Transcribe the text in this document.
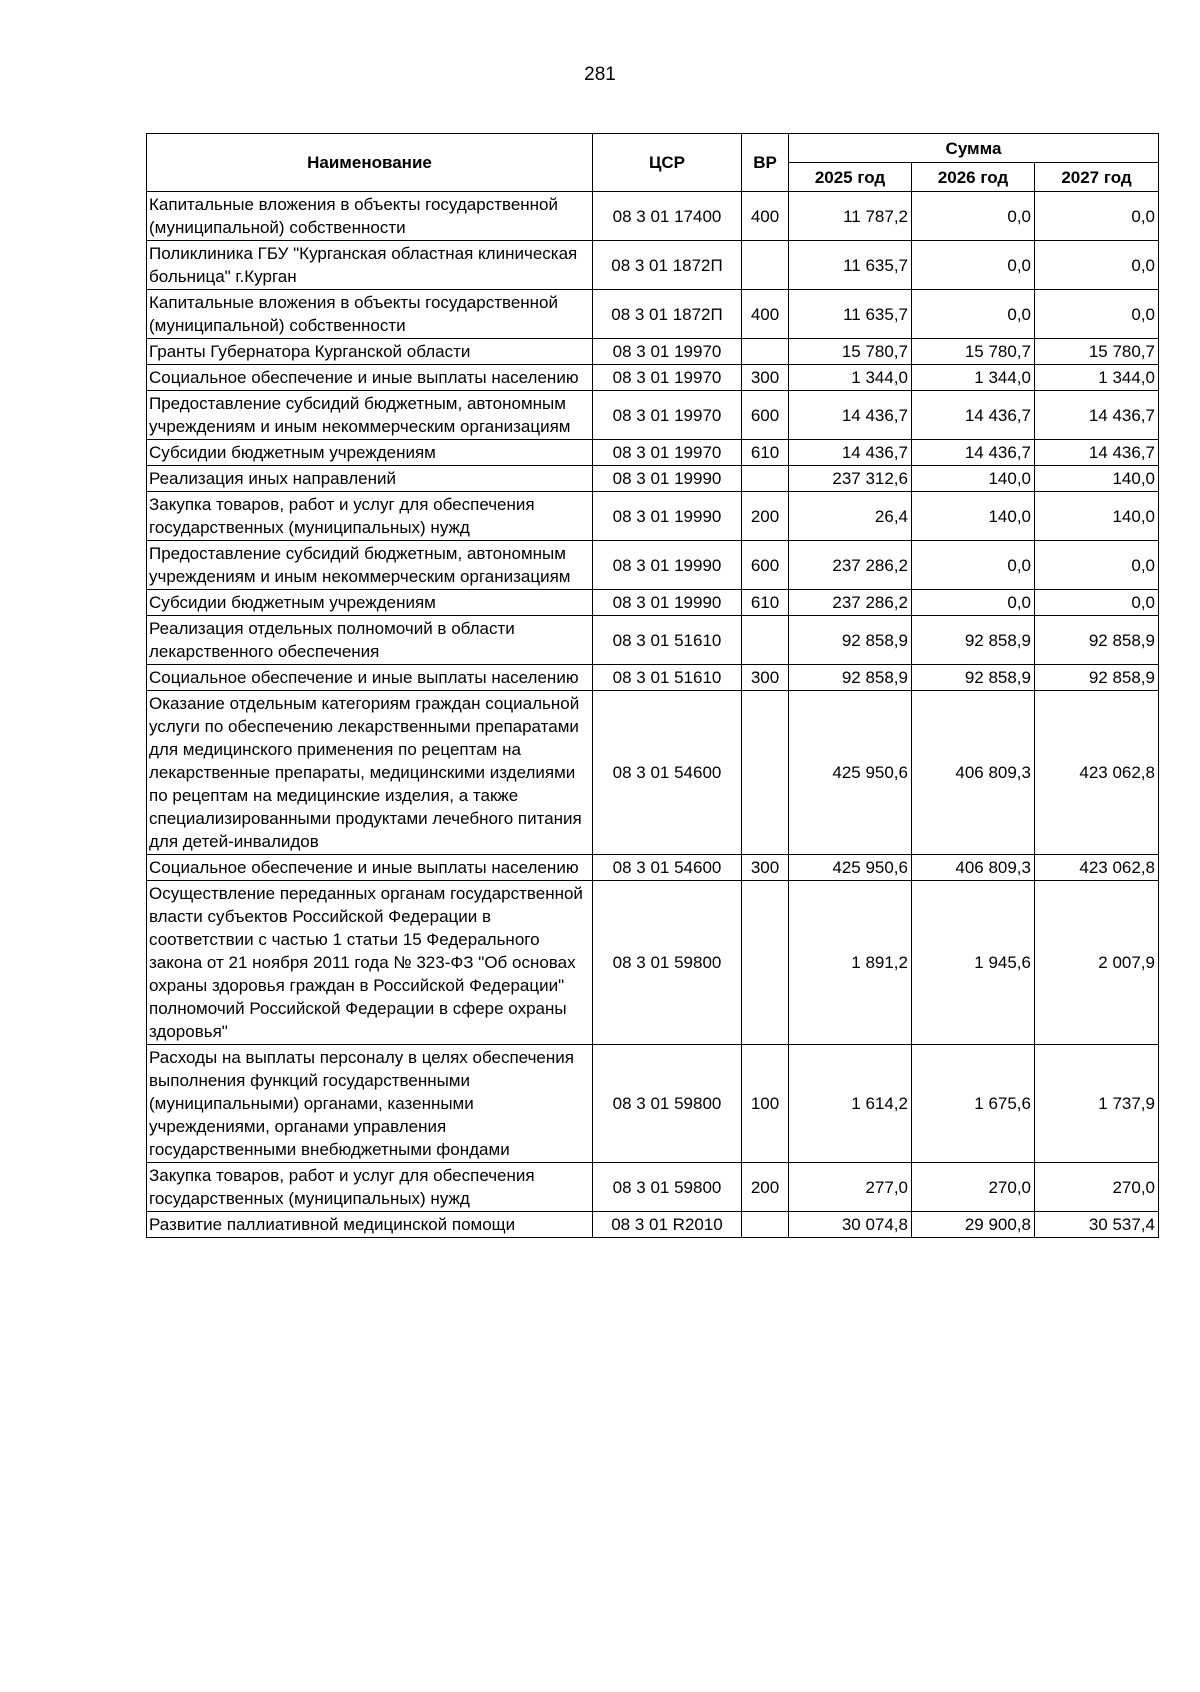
281
Наименование	ЦСР	ВР	Сумма		
			2025 год	2026 год	2027 год
Капитальные вложения в объекты государственной (муниципальной) собственности	08 3 01 17400	400	11 787,2	0,0	0,0
Поликлиника ГБУ "Курганская областная клиническая больница" г.Курган	08 3 01 1872П		11 635,7	0,0	0,0
Капитальные вложения в объекты государственной (муниципальной) собственности	08 3 01 1872П	400	11 635,7	0,0	0,0
Гранты Губернатора Курганской области	08 3 01 19970		15 780,7	15 780,7	15 780,7
Социальное обеспечение и иные выплаты населению	08 3 01 19970	300	1 344,0	1 344,0	1 344,0
Предоставление субсидий бюджетным, автономным учреждениям и иным некоммерческим организациям	08 3 01 19970	600	14 436,7	14 436,7	14 436,7
Субсидии бюджетным учреждениям	08 3 01 19970	610	14 436,7	14 436,7	14 436,7
Реализация иных направлений	08 3 01 19990		237 312,6	140,0	140,0
Закупка товаров, работ и услуг для обеспечения государственных (муниципальных) нужд	08 3 01 19990	200	26,4	140,0	140,0
Предоставление субсидий бюджетным, автономным учреждениям и иным некоммерческим организациям	08 3 01 19990	600	237 286,2	0,0	0,0
Субсидии бюджетным учреждениям	08 3 01 19990	610	237 286,2	0,0	0,0
Реализация отдельных полномочий в области лекарственного обеспечения	08 3 01 51610		92 858,9	92 858,9	92 858,9
Социальное обеспечение и иные выплаты населению	08 3 01 51610	300	92 858,9	92 858,9	92 858,9
Оказание отдельным категориям граждан социальной услуги по обеспечению лекарственными препаратами для медицинского применения по рецептам на лекарственные препараты, медицинскими изделиями по рецептам на медицинские изделия, а также специализированными продуктами лечебного питания для детей-инвалидов	08 3 01 54600		425 950,6	406 809,3	423 062,8
Социальное обеспечение и иные выплаты населению	08 3 01 54600	300	425 950,6	406 809,3	423 062,8
Осуществление переданных органам государственной власти субъектов Российской Федерации в соответствии с частью 1 статьи 15 Федерального закона от 21 ноября 2011 года № 323-ФЗ "Об основах охраны здоровья граждан в Российской Федерации" полномочий Российской Федерации в сфере охраны здоровья"	08 3 01 59800		1 891,2	1 945,6	2 007,9
Расходы на выплаты персоналу в целях обеспечения выполнения функций государственными (муниципальными) органами, казенными учреждениями, органами управления государственными внебюджетными фондами	08 3 01 59800	100	1 614,2	1 675,6	1 737,9
Закупка товаров, работ и услуг для обеспечения государственных (муниципальных) нужд	08 3 01 59800	200	277,0	270,0	270,0
Развитие паллиативной медицинской помощи	08 3 01 R2010		30 074,8	29 900,8	30 537,4
